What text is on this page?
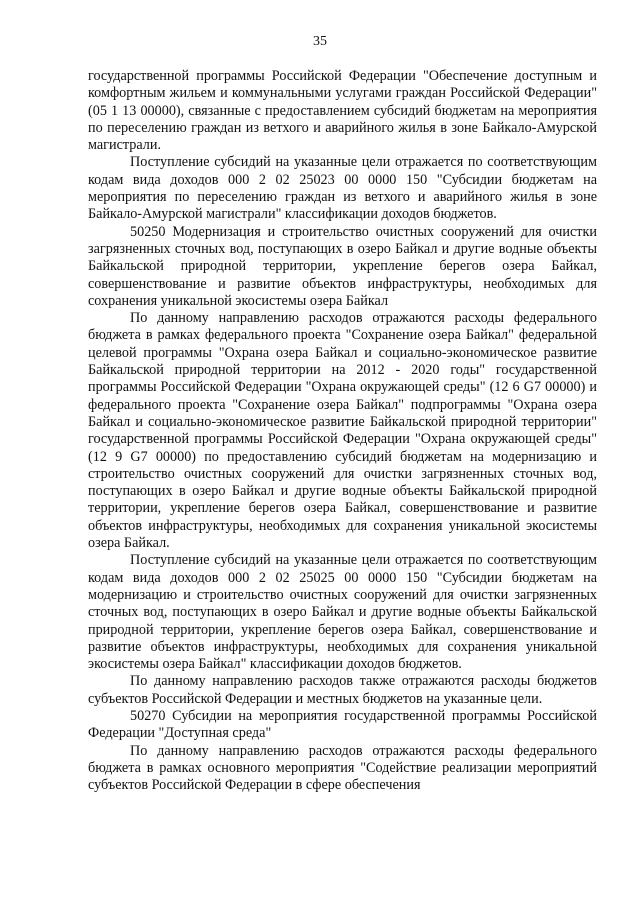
35

государственной программы Российской Федерации "Обеспечение доступным и комфортным жильем и коммунальными услугами граждан Российской Федерации" (05 1 13 00000), связанные с предоставлением субсидий бюджетам на мероприятия по переселению граждан из ветхого и аварийного жилья в зоне Байкало-Амурской магистрали.

Поступление субсидий на указанные цели отражается по соответствующим кодам вида доходов 000 2 02 25023 00 0000 150 "Субсидии бюджетам на мероприятия по переселению граждан из ветхого и аварийного жилья в зоне Байкало-Амурской магистрали" классификации доходов бюджетов.

50250 Модернизация и строительство очистных сооружений для очистки загрязненных сточных вод, поступающих в озеро Байкал и другие водные объекты Байкальской природной территории, укрепление берегов озера Байкал, совершенствование и развитие объектов инфраструктуры, необходимых для сохранения уникальной экосистемы озера Байкал

По данному направлению расходов отражаются расходы федерального бюджета в рамках федерального проекта "Сохранение озера Байкал" федеральной целевой программы "Охрана озера Байкал и социально-экономическое развитие Байкальской природной территории на 2012 - 2020 годы" государственной программы Российской Федерации "Охрана окружающей среды" (12 6 G7 00000) и федерального проекта "Сохранение озера Байкал" подпрограммы "Охрана озера Байкал и социально-экономическое развитие Байкальской природной территории" государственной программы Российской Федерации "Охрана окружающей среды" (12 9 G7 00000) по предоставлению субсидий бюджетам на модернизацию и строительство очистных сооружений для очистки загрязненных сточных вод, поступающих в озеро Байкал и другие водные объекты Байкальской природной территории, укрепление берегов озера Байкал, совершенствование и развитие объектов инфраструктуры, необходимых для сохранения уникальной экосистемы озера Байкал.

Поступление субсидий на указанные цели отражается по соответствующим кодам вида доходов 000 2 02 25025 00 0000 150 "Субсидии бюджетам на модернизацию и строительство очистных сооружений для очистки загрязненных сточных вод, поступающих в озеро Байкал и другие водные объекты Байкальской природной территории, укрепление берегов озера Байкал, совершенствование и развитие объектов инфраструктуры, необходимых для сохранения уникальной экосистемы озера Байкал" классификации доходов бюджетов.

По данному направлению расходов также отражаются расходы бюджетов субъектов Российской Федерации и местных бюджетов на указанные цели.

50270 Субсидии на мероприятия государственной программы Российской Федерации "Доступная среда"

По данному направлению расходов отражаются расходы федерального бюджета в рамках основного мероприятия "Содействие реализации мероприятий субъектов Российской Федерации в сфере обеспечения
